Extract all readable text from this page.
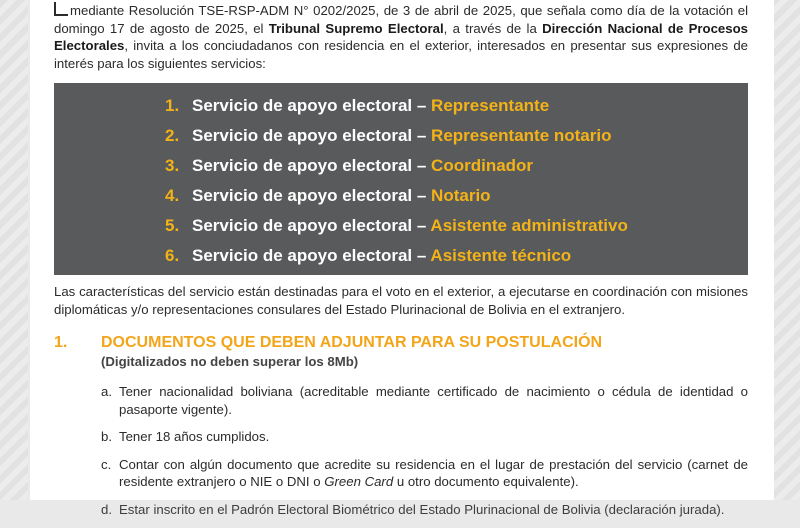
mediante Resolución TSE-RSP-ADM N° 0202/2025, de 3 de abril de 2025, que señala como día de la votación el domingo 17 de agosto de 2025, el Tribunal Supremo Electoral, a través de la Dirección Nacional de Procesos Electorales, invita a los conciudadanos con residencia en el exterior, interesados en presentar sus expresiones de interés para los siguientes servicios:

1. Servicio de apoyo electoral – Representante
2. Servicio de apoyo electoral – Representante notario
3. Servicio de apoyo electoral – Coordinador
4. Servicio de apoyo electoral – Notario
5. Servicio de apoyo electoral – Asistente administrativo
6. Servicio de apoyo electoral – Asistente técnico

Las características del servicio están destinadas para el voto en el exterior, a ejecutarse en coordinación con misiones diplomáticas y/o representaciones consulares del Estado Plurinacional de Bolivia en el extranjero.

1.	DOCUMENTOS QUE DEBEN ADJUNTAR PARA SU POSTULACIÓN
(Digitalizados no deben superar los 8Mb)
a. Tener nacionalidad boliviana (acreditable mediante certificado de nacimiento o cédula de identidad o pasaporte vigente).
b. Tener 18 años cumplidos.
c. Contar con algún documento que acredite su residencia en el lugar de prestación del servicio (carnet de residente extranjero o NIE o DNI o Green Card u otro documento equivalente).
d. Estar inscrito en el Padrón Electoral Biométrico del Estado Plurinacional de Bolivia (declaración jurada).
